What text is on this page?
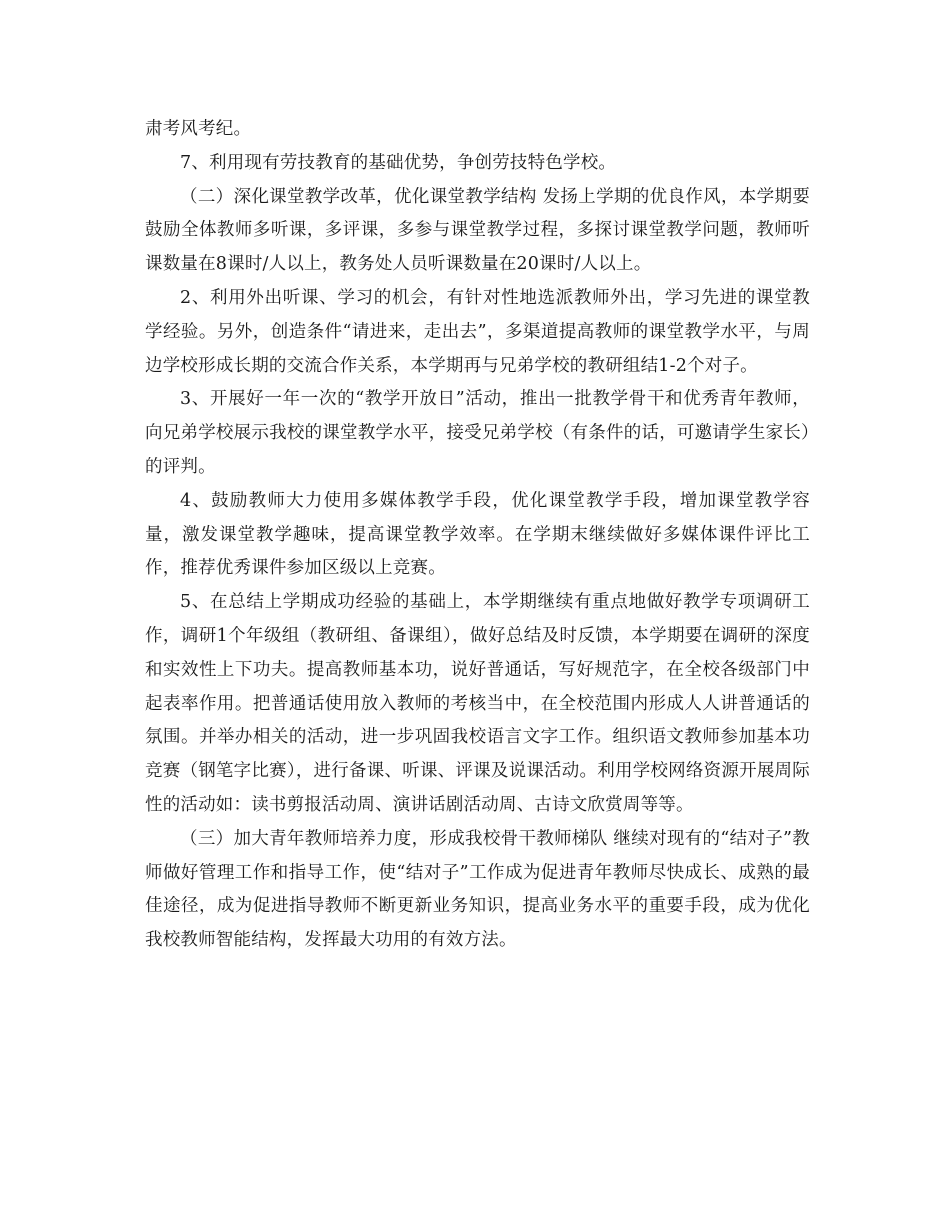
肃考风考纪。

7、利用现有劳技教育的基础优势，争创劳技特色学校。

（二）深化课堂教学改革，优化课堂教学结构 发扬上学期的优良作风，本学期要鼓励全体教师多听课，多评课，多参与课堂教学过程，多探讨课堂教学问题，教师听课数量在8课时/人以上，教务处人员听课数量在20课时/人以上。

2、利用外出听课、学习的机会，有针对性地选派教师外出，学习先进的课堂教学经验。另外，创造条件“请进来，走出去”，多渠道提高教师的课堂教学水平，与周边学校形成长期的交流合作关系，本学期再与兄弟学校的教研组结1-2个对子。

3、开展好一年一次的“教学开放日”活动，推出一批教学骨干和优秀青年教师，向兄弟学校展示我校的课堂教学水平，接受兄弟学校（有条件的话，可邀请学生家长）的评判。

4、鼓励教师大力使用多媒体教学手段，优化课堂教学手段，增加课堂教学容量，激发课堂教学趣味，提高课堂教学效率。在学期末继续做好多媒体课件评比工作，推荐优秀课件参加区级以上竞赛。

5、在总结上学期成功经验的基础上，本学期继续有重点地做好教学专项调研工作，调研1个年级组（教研组、备课组），做好总结及时反馈，本学期要在调研的深度和实效性上下功夫。提高教师基本功，说好普通话，写好规范字，在全校各级部门中起表率作用。把普通话使用放入教师的考核当中，在全校范围内形成人人讲普通话的氛围。并举办相关的活动，进一步巩固我校语言文字工作。组织语文教师参加基本功竞赛（钢笔字比赛），进行备课、听课、评课及说课活动。利用学校网络资源开展周际性的活动如：读书剪报活动周、演讲话剧活动周、古诗文欣赏周等等。

（三）加大青年教师培养力度，形成我校骨干教师梯队 继续对现有的“结对子”教师做好管理工作和指导工作，使“结对子”工作成为促进青年教师尽快成长、成熟的最佳途径，成为促进指导教师不断更新业务知识，提高业务水平的重要手段，成为优化我校教师智能结构，发挥最大功用的有效方法。
